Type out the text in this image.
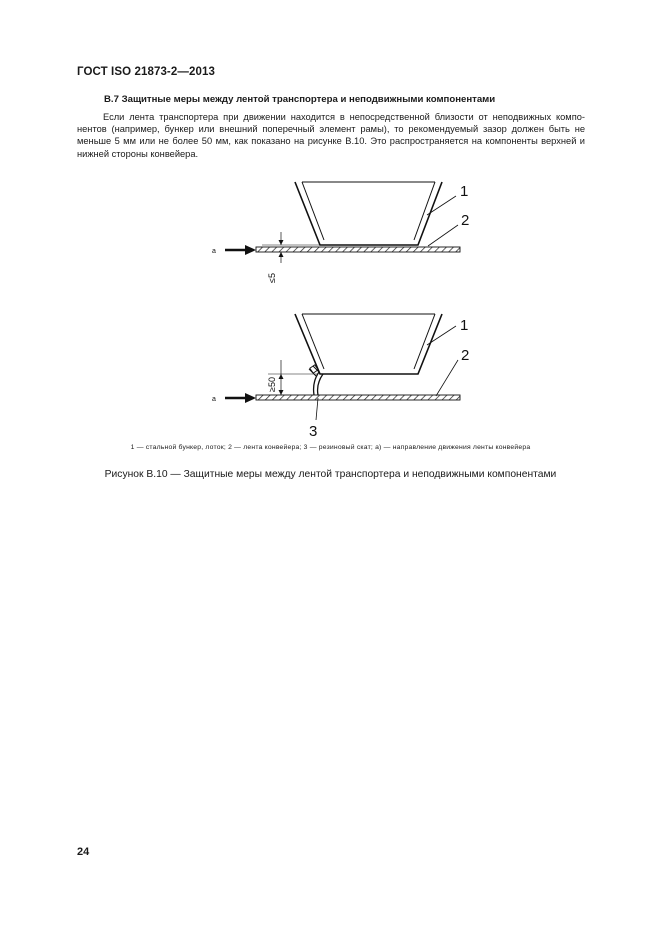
ГОСТ ISO 21873-2—2013
B.7 Защитные меры между лентой транспортера и неподвижными компонентами
Если лента транспортера при движении находится в непосредственной близости от неподвижных компо-
нентов (например, бункер или внешний поперечный элемент рамы), то рекомендуемый зазор должен быть не
меньше 5 мм или не более 50 мм, как показано на рисунке B.10. Это распространяется на компоненты верхней и
нижней стороны конвейера.
a
≤5
1
2
a
≥50
1
2
3
1 — стальной бункер, лоток; 2 — лента конвейера; 3 — резиновый скат; a) — направление движения ленты конвейера
Рисунок B.10 — Защитные меры между лентой транспортера и неподвижными компонентами
24
